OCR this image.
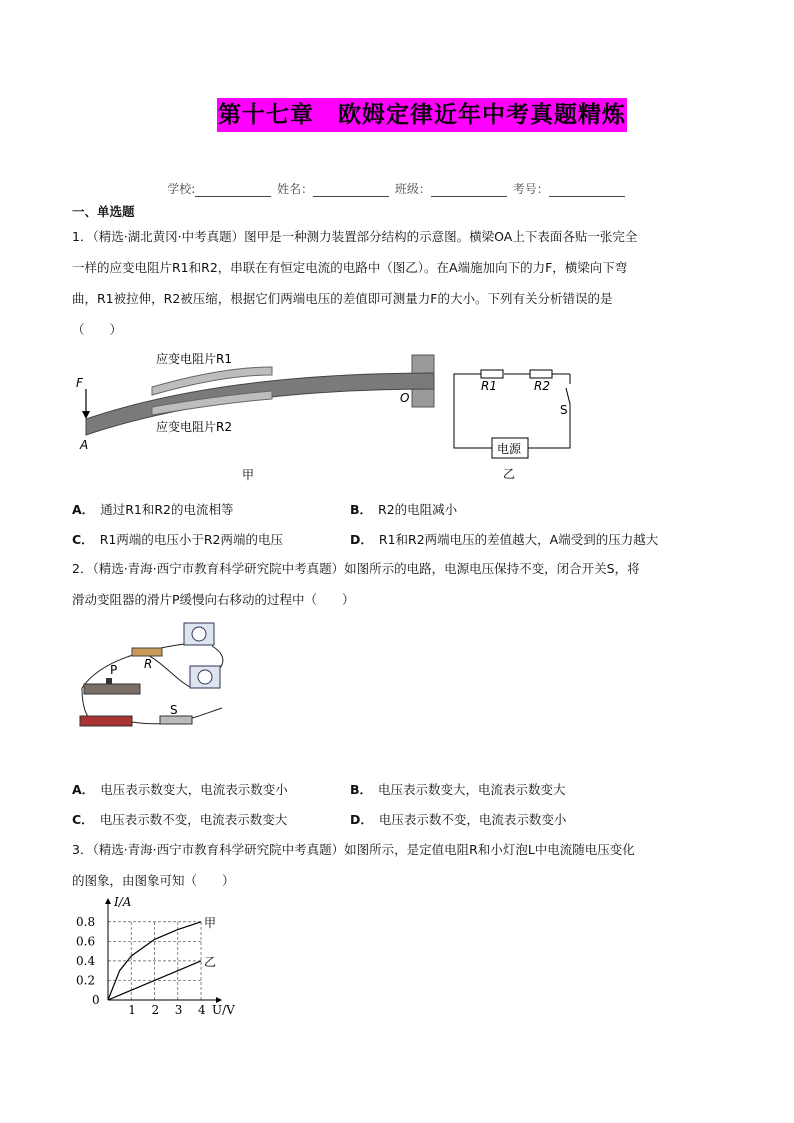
第十七章　欧姆定律近年中考真题精炼
学校:	姓名：	班级：	考号：
一、单选题
1．（精选·湖北黄冈·中考真题）图甲是一种测力装置部分结构的示意图。横梁OA上下表面各贴一张完全
一样的应变电阻片R1和R2，串联在有恒定电流的电路中（图乙）。在A端施加向下的力F，横梁向下弯
曲，R1被拉伸，R2被压缩，根据它们两端电压的差值即可测量力F的大小。下列有关分析错误的是
（　　）
应变电阻片R1
应变电阻片R2
F
A
O
甲
R1	R2
S
电源
乙
A． 通过R1和R2的电流相等	B． R2的电阻减小
C． R1两端的电压小于R2两端的电压	D． R1和R2两端电压的差值越大，A端受到的压力越大
2．（精选·青海·西宁市教育科学研究院中考真题）如图所示的电路，电源电压保持不变，闭合开关S，将
滑动变阻器的滑片P缓慢向右移动的过程中（　　）
P R
S
A． 电压表示数变大，电流表示数变小	B． 电压表示数变大，电流表示数变大
C． 电压表示数不变，电流表示数变大	D． 电压表示数不变，电流表示数变小
3．（精选·青海·西宁市教育科学研究院中考真题）如图所示，是定值电阻R和小灯泡L中电流随电压变化
的图象，由图象可知（　　）
1 2 3 4
0.8
0.6
0.4
0.2
0
I/A
U/V
甲
乙
